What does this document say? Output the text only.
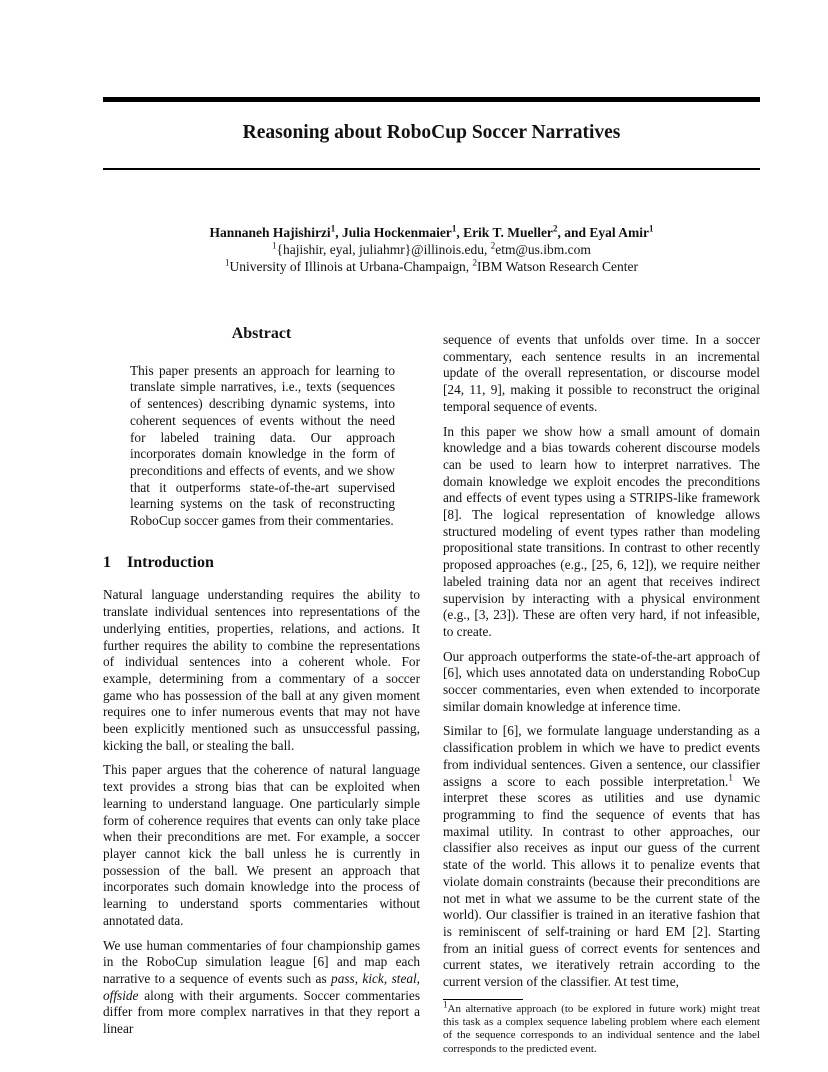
Reasoning about RoboCup Soccer Narratives
Hannaneh Hajishirzi$^1$, Julia Hockenmaier$^1$, Erik T. Mueller$^2$, and Eyal Amir$^1$
$^1${hajishir, eyal, juliahmr}@illinois.edu, $^2$etm@us.ibm.com
$^1$University of Illinois at Urbana-Champaign, $^2$IBM Watson Research Center
Abstract

This paper presents an approach for learning to translate simple narratives, i.e., texts (sequences of sentences) describing dynamic systems, into coherent sequences of events without the need for labeled training data. Our approach incorporates domain knowledge in the form of preconditions and effects of events, and we show that it outperforms state-of-the-art supervised learning systems on the task of reconstructing RoboCup soccer games from their commentaries.

1 Introduction

Natural language understanding requires the ability to translate individual sentences into representations of the underlying entities, properties, relations, and actions. It further requires the ability to combine the representations of individual sentences into a coherent whole. For example, determining from a commentary of a soccer game who has possession of the ball at any given moment requires one to infer numerous events that may not have been explicitly mentioned such as unsuccessful passing, kicking the ball, or stealing the ball.

This paper argues that the coherence of natural language text provides a strong bias that can be exploited when learning to understand language. One particularly simple form of coherence requires that events can only take place when their preconditions are met. For example, a soccer player cannot kick the ball unless he is currently in possession of the ball. We present an approach that incorporates such domain knowledge into the process of learning to understand sports commentaries without annotated data.

We use human commentaries of four championship games in the RoboCup simulation league [6] and map each narrative to a sequence of events such as pass, kick, steal, offside along with their arguments. Soccer commentaries differ from more complex narratives in that they report a linear

sequence of events that unfolds over time. In a soccer commentary, each sentence results in an incremental update of the overall representation, or discourse model [24, 11, 9], making it possible to reconstruct the original temporal sequence of events.

In this paper we show how a small amount of domain knowledge and a bias towards coherent discourse models can be used to learn how to interpret narratives. The domain knowledge we exploit encodes the preconditions and effects of event types using a STRIPS-like framework [8]. The logical representation of knowledge allows structured modeling of event types rather than modeling propositional state transitions. In contrast to other recently proposed approaches (e.g., [25, 6, 12]), we require neither labeled training data nor an agent that receives indirect supervision by interacting with a physical environment (e.g., [3, 23]). These are often very hard, if not infeasible, to create.

Our approach outperforms the state-of-the-art approach of [6], which uses annotated data on understanding RoboCup soccer commentaries, even when extended to incorporate similar domain knowledge at inference time.

Similar to [6], we formulate language understanding as a classification problem in which we have to predict events from individual sentences. Given a sentence, our classifier assigns a score to each possible interpretation.$^1$ We interpret these scores as utilities and use dynamic programming to find the sequence of events that has maximal utility. In contrast to other approaches, our classifier also receives as input our guess of the current state of the world. This allows it to penalize events that violate domain constraints (because their preconditions are not met in what we assume to be the current state of the world). Our classifier is trained in an iterative fashion that is reminiscent of self-training or hard EM [2]. Starting from an initial guess of correct events for sentences and current states, we iteratively retrain according to the current version of the classifier. At test time,

$^1$An alternative approach (to be explored in future work) might treat this task as a complex sequence labeling problem where each element of the sequence corresponds to an individual sentence and the label corresponds to the predicted event.
